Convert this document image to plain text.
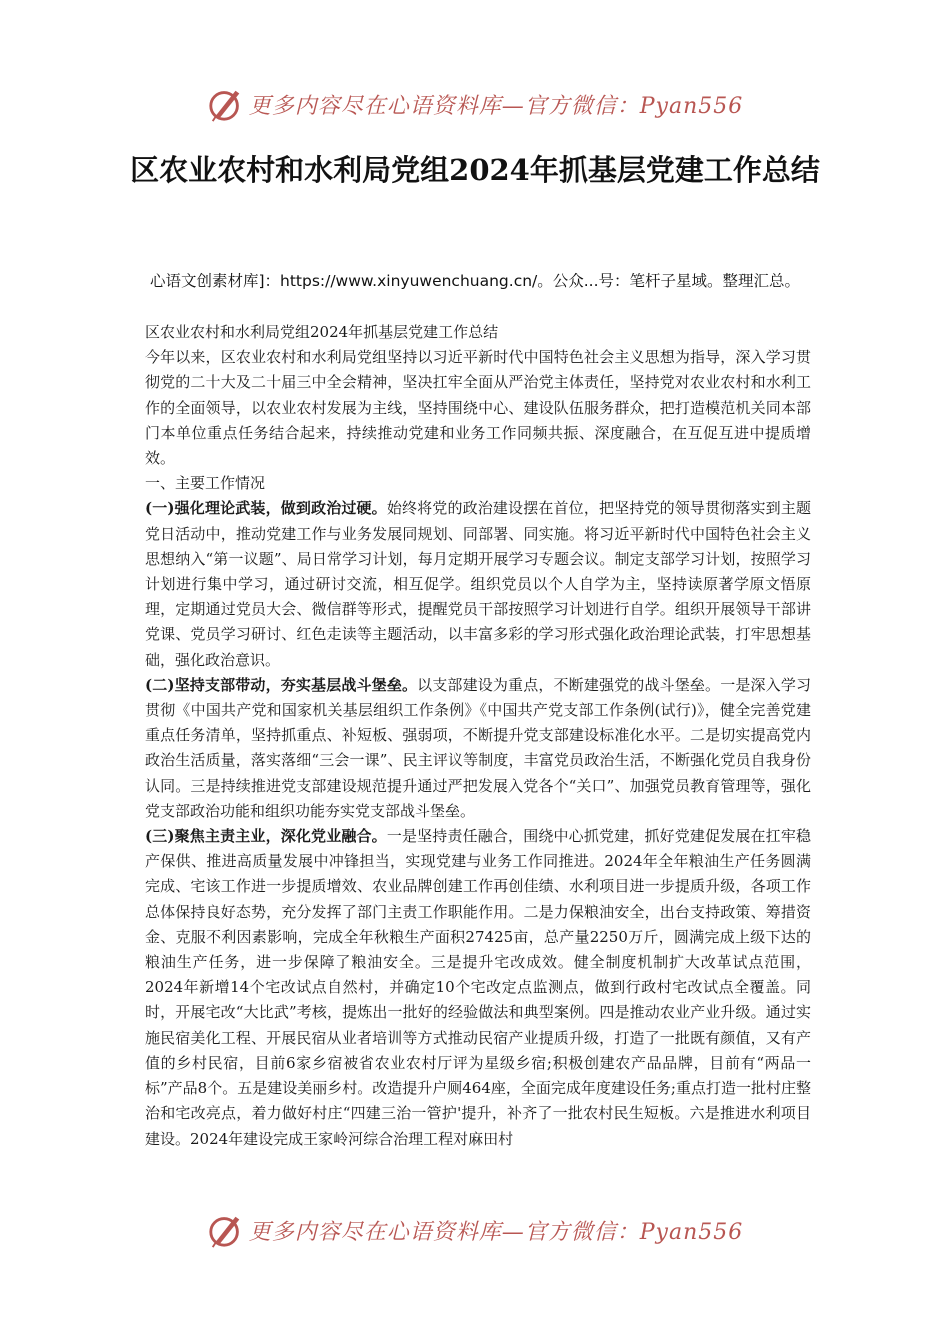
更多内容尽在心语资料库—官方微信：Pyan556
区农业农村和水利局党组2024年抓基层党建工作总结
心语文创素材库]：https://www.xinyuwenchuang.cn/。公众...号：笔杆子星域。整理汇总。

区农业农村和水利局党组2024年抓基层党建工作总结

今年以来，区农业农村和水利局党组坚持以习近平新时代中国特色社会主义思想为指导，深入学习贯彻党的二十大及二十届三中全会精神，坚决扛牢全面从严治党主体责任，坚持党对农业农村和水利工作的全面领导，以农业农村发展为主线，坚持围绕中心、建设队伍服务群众，把打造模范机关同本部门本单位重点任务结合起来，持续推动党建和业务工作同频共振、深度融合，在互促互进中提质增效。

一、主要工作情况

(一)强化理论武装，做到政治过硬。始终将党的政治建设摆在首位，把坚持党的领导贯彻落实到主题党日活动中，推动党建工作与业务发展同规划、同部署、同实施。将习近平新时代中国特色社会主义思想纳入“第一议题”、局日常学习计划，每月定期开展学习专题会议。制定支部学习计划，按照学习计划进行集中学习，通过研讨交流，相互促学。组织党员以个人自学为主，坚持读原著学原文悟原理，定期通过党员大会、微信群等形式，提醒党员干部按照学习计划进行自学。组织开展领导干部讲党课、党员学习研讨、红色走读等主题活动，以丰富多彩的学习形式强化政治理论武装，打牢思想基础，强化政治意识。

(二)坚持支部带动，夯实基层战斗堡垒。以支部建设为重点，不断建强党的战斗堡垒。一是深入学习贯彻《中国共产党和国家机关基层组织工作条例》《中国共产党支部工作条例(试行)》，健全完善党建重点任务清单，坚持抓重点、补短板、强弱项，不断提升党支部建设标准化水平。二是切实提高党内政治生活质量，落实落细“三会一课”、民主评议等制度，丰富党员政治生活，不断强化党员自我身份认同。三是持续推进党支部建设规范提升通过严把发展入党各个“关口”、加强党员教育管理等，强化党支部政治功能和组织功能夯实党支部战斗堡垒。

(三)聚焦主责主业，深化党业融合。一是坚持责任融合，围绕中心抓党建，抓好党建促发展在扛牢稳产保供、推进高质量发展中冲锋担当，实现党建与业务工作同推进。2024年全年粮油生产任务圆满完成、宅该工作进一步提质增效、农业品牌创建工作再创佳绩、水利项目进一步提质升级，各项工作总体保持良好态势，充分发挥了部门主责工作职能作用。二是力保粮油安全，出台支持政策、筹措资金、克服不利因素影响，完成全年秋粮生产面积27425亩，总产量2250万斤，圆满完成上级下达的粮油生产任务，进一步保障了粮油安全。三是提升宅改成效。健全制度机制扩大改革试点范围，2024年新增14个宅改试点自然村，并确定10个宅改定点监测点，做到行政村宅改试点全覆盖。同时，开展宅改“大比武”考核，提炼出一批好的经验做法和典型案例。四是推动农业产业升级。通过实施民宿美化工程、开展民宿从业者培训等方式推动民宿产业提质升级，打造了一批既有颜值，又有产值的乡村民宿，目前6家乡宿被省农业农村厅评为星级乡宿;积极创建农产品品牌，目前有“两品一标”产品8个。五是建设美丽乡村。改造提升户厕464座，全面完成年度建设任务;重点打造一批村庄整治和宅改亮点，着力做好村庄“四建三治一管护'提升，补齐了一批农村民生短板。六是推进水利项目建设。2024年建设完成王家岭河综合治理工程对麻田村

更多内容尽在心语资料库—官方微信：Pyan556
